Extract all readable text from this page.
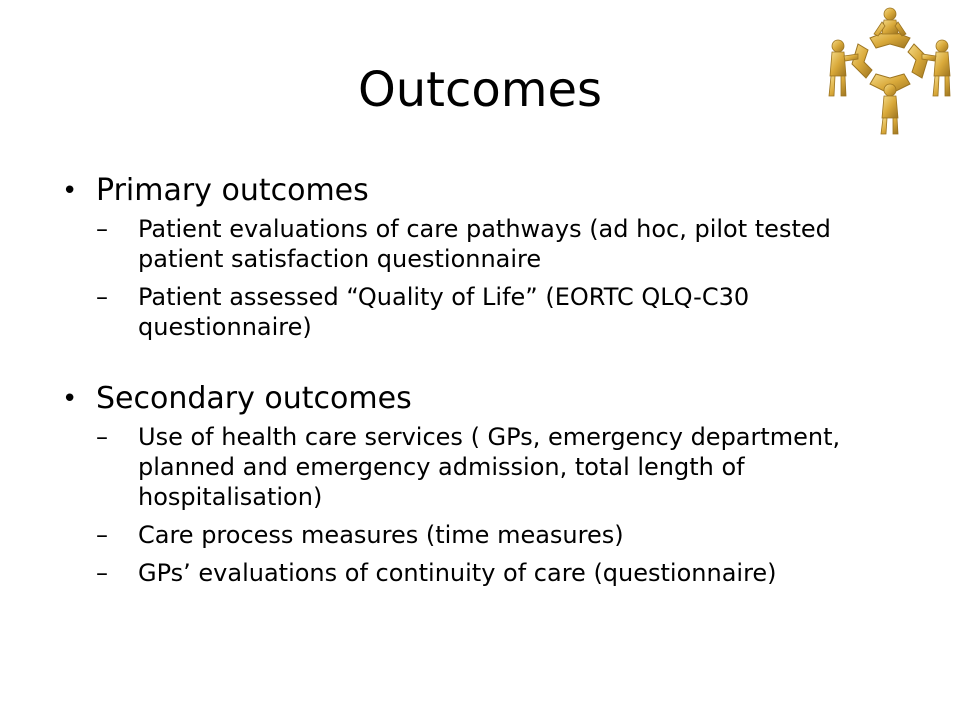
Outcomes
• Primary outcomes
– Patient evaluations of care pathways (ad hoc, pilot tested patient satisfaction questionnaire
– Patient assessed “Quality of Life” (EORTC QLQ-C30 questionnaire)
• Secondary outcomes
– Use of health care services ( GPs, emergency department, planned and emergency admission, total length of hospitalisation)
– Care process measures (time measures)
– GPs’ evaluations of continuity of care (questionnaire)
